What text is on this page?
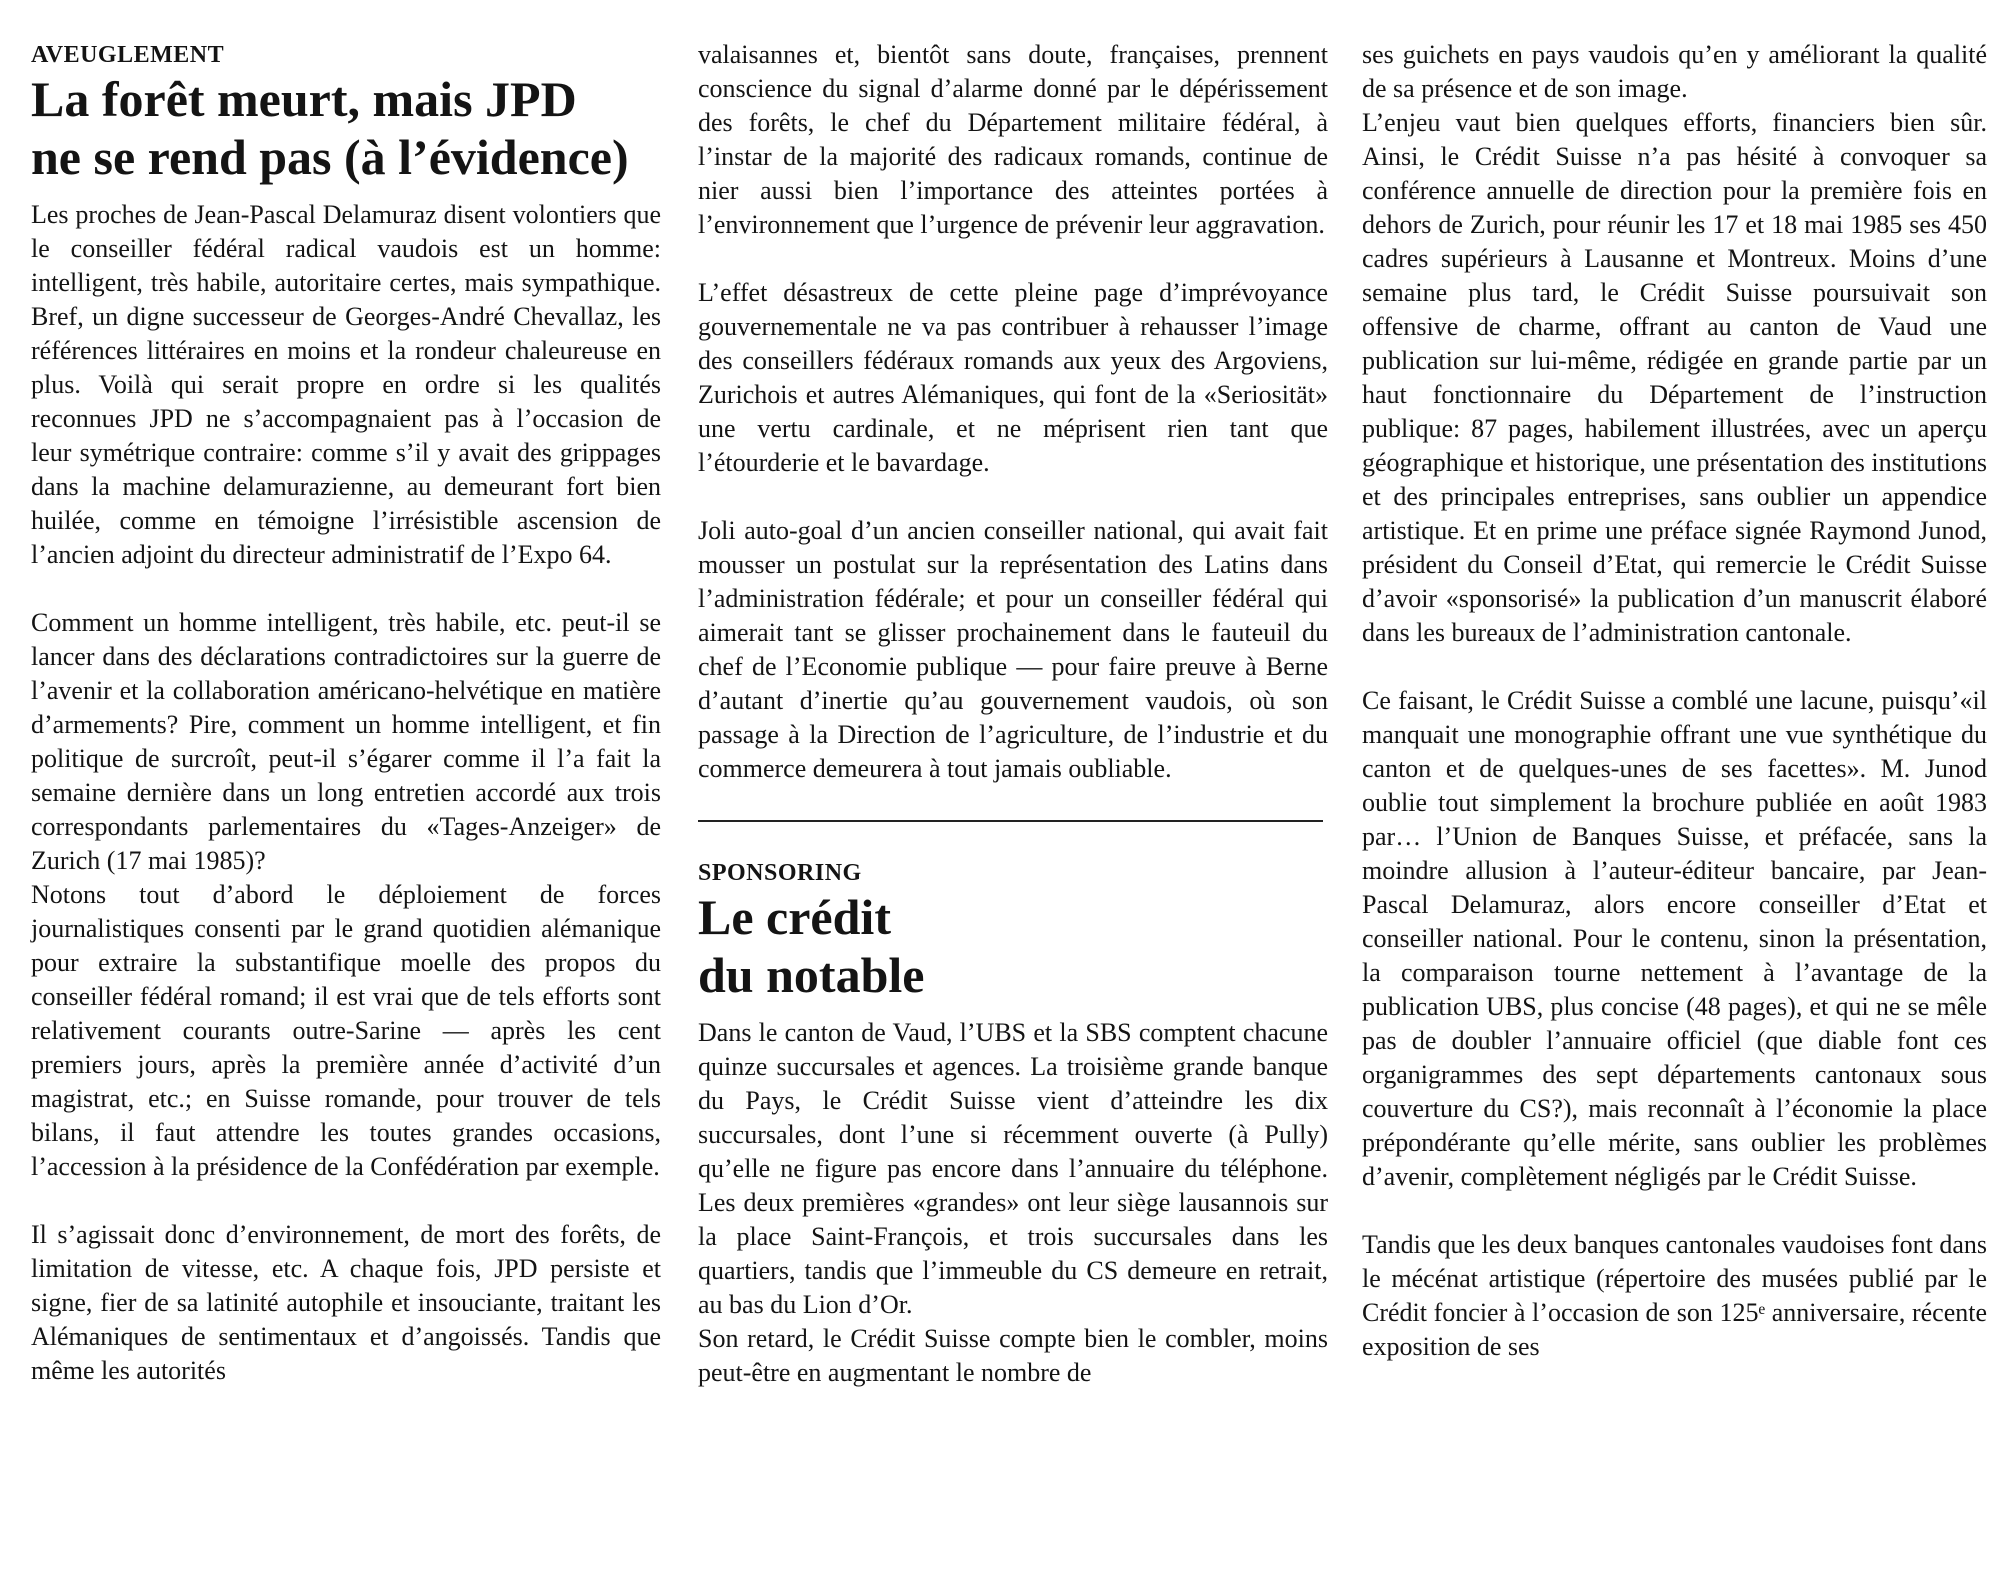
AVEUGLEMENT
La forêt meurt, mais JPD
ne se rend pas (à l’évidence)

Les proches de Jean-Pascal Delamuraz disent volontiers que le conseiller fédéral radical vaudois est un homme: intelligent, très habile, autoritaire certes, mais sympathique. Bref, un digne successeur de Georges-André Chevallaz, les références littéraires en moins et la rondeur chaleureuse en plus. Voilà qui serait propre en ordre si les qualités reconnues JPD ne s’accompagnaient pas à l’occasion de leur symétrique contraire: comme s’il y avait des grippages dans la machine delamurazienne, au demeurant fort bien huilée, comme en témoigne l’irrésistible ascension de l’ancien adjoint du directeur administratif de l’Expo 64.

Comment un homme intelligent, très habile, etc. peut-il se lancer dans des déclarations contradictoires sur la guerre de l’avenir et la collaboration américano-helvétique en matière d’armements? Pire, comment un homme intelligent, et fin politique de surcroît, peut-il s’égarer comme il l’a fait la semaine dernière dans un long entretien accordé aux trois correspondants parlementaires du «Tages-Anzeiger» de Zurich (17 mai 1985)?

Notons tout d’abord le déploiement de forces journalistiques consenti par le grand quotidien alémanique pour extraire la substantifique moelle des propos du conseiller fédéral romand; il est vrai que de tels efforts sont relativement courants outre-Sarine — après les cent premiers jours, après la première année d’activité d’un magistrat, etc.; en Suisse romande, pour trouver de tels bilans, il faut attendre les toutes grandes occasions, l’accession à la présidence de la Confédération par exemple.

Il s’agissait donc d’environnement, de mort des forêts, de limitation de vitesse, etc. A chaque fois, JPD persiste et signe, fier de sa latinité autophile et insouciante, traitant les Alémaniques de sentimentaux et d’angoissés. Tandis que même les autorités

valaisannes et, bientôt sans doute, françaises, prennent conscience du signal d’alarme donné par le dépérissement des forêts, le chef du Département militaire fédéral, à l’instar de la majorité des radicaux romands, continue de nier aussi bien l’importance des atteintes portées à l’environnement que l’urgence de prévenir leur aggravation.

L’effet désastreux de cette pleine page d’imprévoyance gouvernementale ne va pas contribuer à rehausser l’image des conseillers fédéraux romands aux yeux des Argoviens, Zurichois et autres Alémaniques, qui font de la «Seriosität» une vertu cardinale, et ne méprisent rien tant que l’étourderie et le bavardage.

Joli auto-goal d’un ancien conseiller national, qui avait fait mousser un postulat sur la représentation des Latins dans l’administration fédérale; et pour un conseiller fédéral qui aimerait tant se glisser prochainement dans le fauteuil du chef de l’Economie publique — pour faire preuve à Berne d’autant d’inertie qu’au gouvernement vaudois, où son passage à la Direction de l’agriculture, de l’industrie et du commerce demeurera à tout jamais oubliable.

SPONSORING
Le crédit
du notable

Dans le canton de Vaud, l’UBS et la SBS comptent chacune quinze succursales et agences. La troisième grande banque du Pays, le Crédit Suisse vient d’atteindre les dix succursales, dont l’une si récemment ouverte (à Pully) qu’elle ne figure pas encore dans l’annuaire du téléphone. Les deux premières «grandes» ont leur siège lausannois sur la place Saint-François, et trois succursales dans les quartiers, tandis que l’immeuble du CS demeure en retrait, au bas du Lion d’Or.

Son retard, le Crédit Suisse compte bien le combler, moins peut-être en augmentant le nombre de

ses guichets en pays vaudois qu’en y améliorant la qualité de sa présence et de son image.

L’enjeu vaut bien quelques efforts, financiers bien sûr. Ainsi, le Crédit Suisse n’a pas hésité à convoquer sa conférence annuelle de direction pour la première fois en dehors de Zurich, pour réunir les 17 et 18 mai 1985 ses 450 cadres supérieurs à Lausanne et Montreux. Moins d’une semaine plus tard, le Crédit Suisse poursuivait son offensive de charme, offrant au canton de Vaud une publication sur lui-même, rédigée en grande partie par un haut fonctionnaire du Département de l’instruction publique: 87 pages, habilement illustrées, avec un aperçu géographique et historique, une présentation des institutions et des principales entreprises, sans oublier un appendice artistique. Et en prime une préface signée Raymond Junod, président du Conseil d’Etat, qui remercie le Crédit Suisse d’avoir «sponsorisé» la publication d’un manuscrit élaboré dans les bureaux de l’administration cantonale.

Ce faisant, le Crédit Suisse a comblé une lacune, puisqu’«il manquait une monographie offrant une vue synthétique du canton et de quelques-unes de ses facettes». M. Junod oublie tout simplement la brochure publiée en août 1983 par… l’Union de Banques Suisse, et préfacée, sans la moindre allusion à l’auteur-éditeur bancaire, par Jean-Pascal Delamuraz, alors encore conseiller d’Etat et conseiller national. Pour le contenu, sinon la présentation, la comparaison tourne nettement à l’avantage de la publication UBS, plus concise (48 pages), et qui ne se mêle pas de doubler l’annuaire officiel (que diable font ces organigrammes des sept départements cantonaux sous couverture du CS?), mais reconnaît à l’économie la place prépondérante qu’elle mérite, sans oublier les problèmes d’avenir, complètement négligés par le Crédit Suisse.

Tandis que les deux banques cantonales vaudoises font dans le mécénat artistique (répertoire des musées publié par le Crédit foncier à l’occasion de son 125ᵉ anniversaire, récente exposition de ses
